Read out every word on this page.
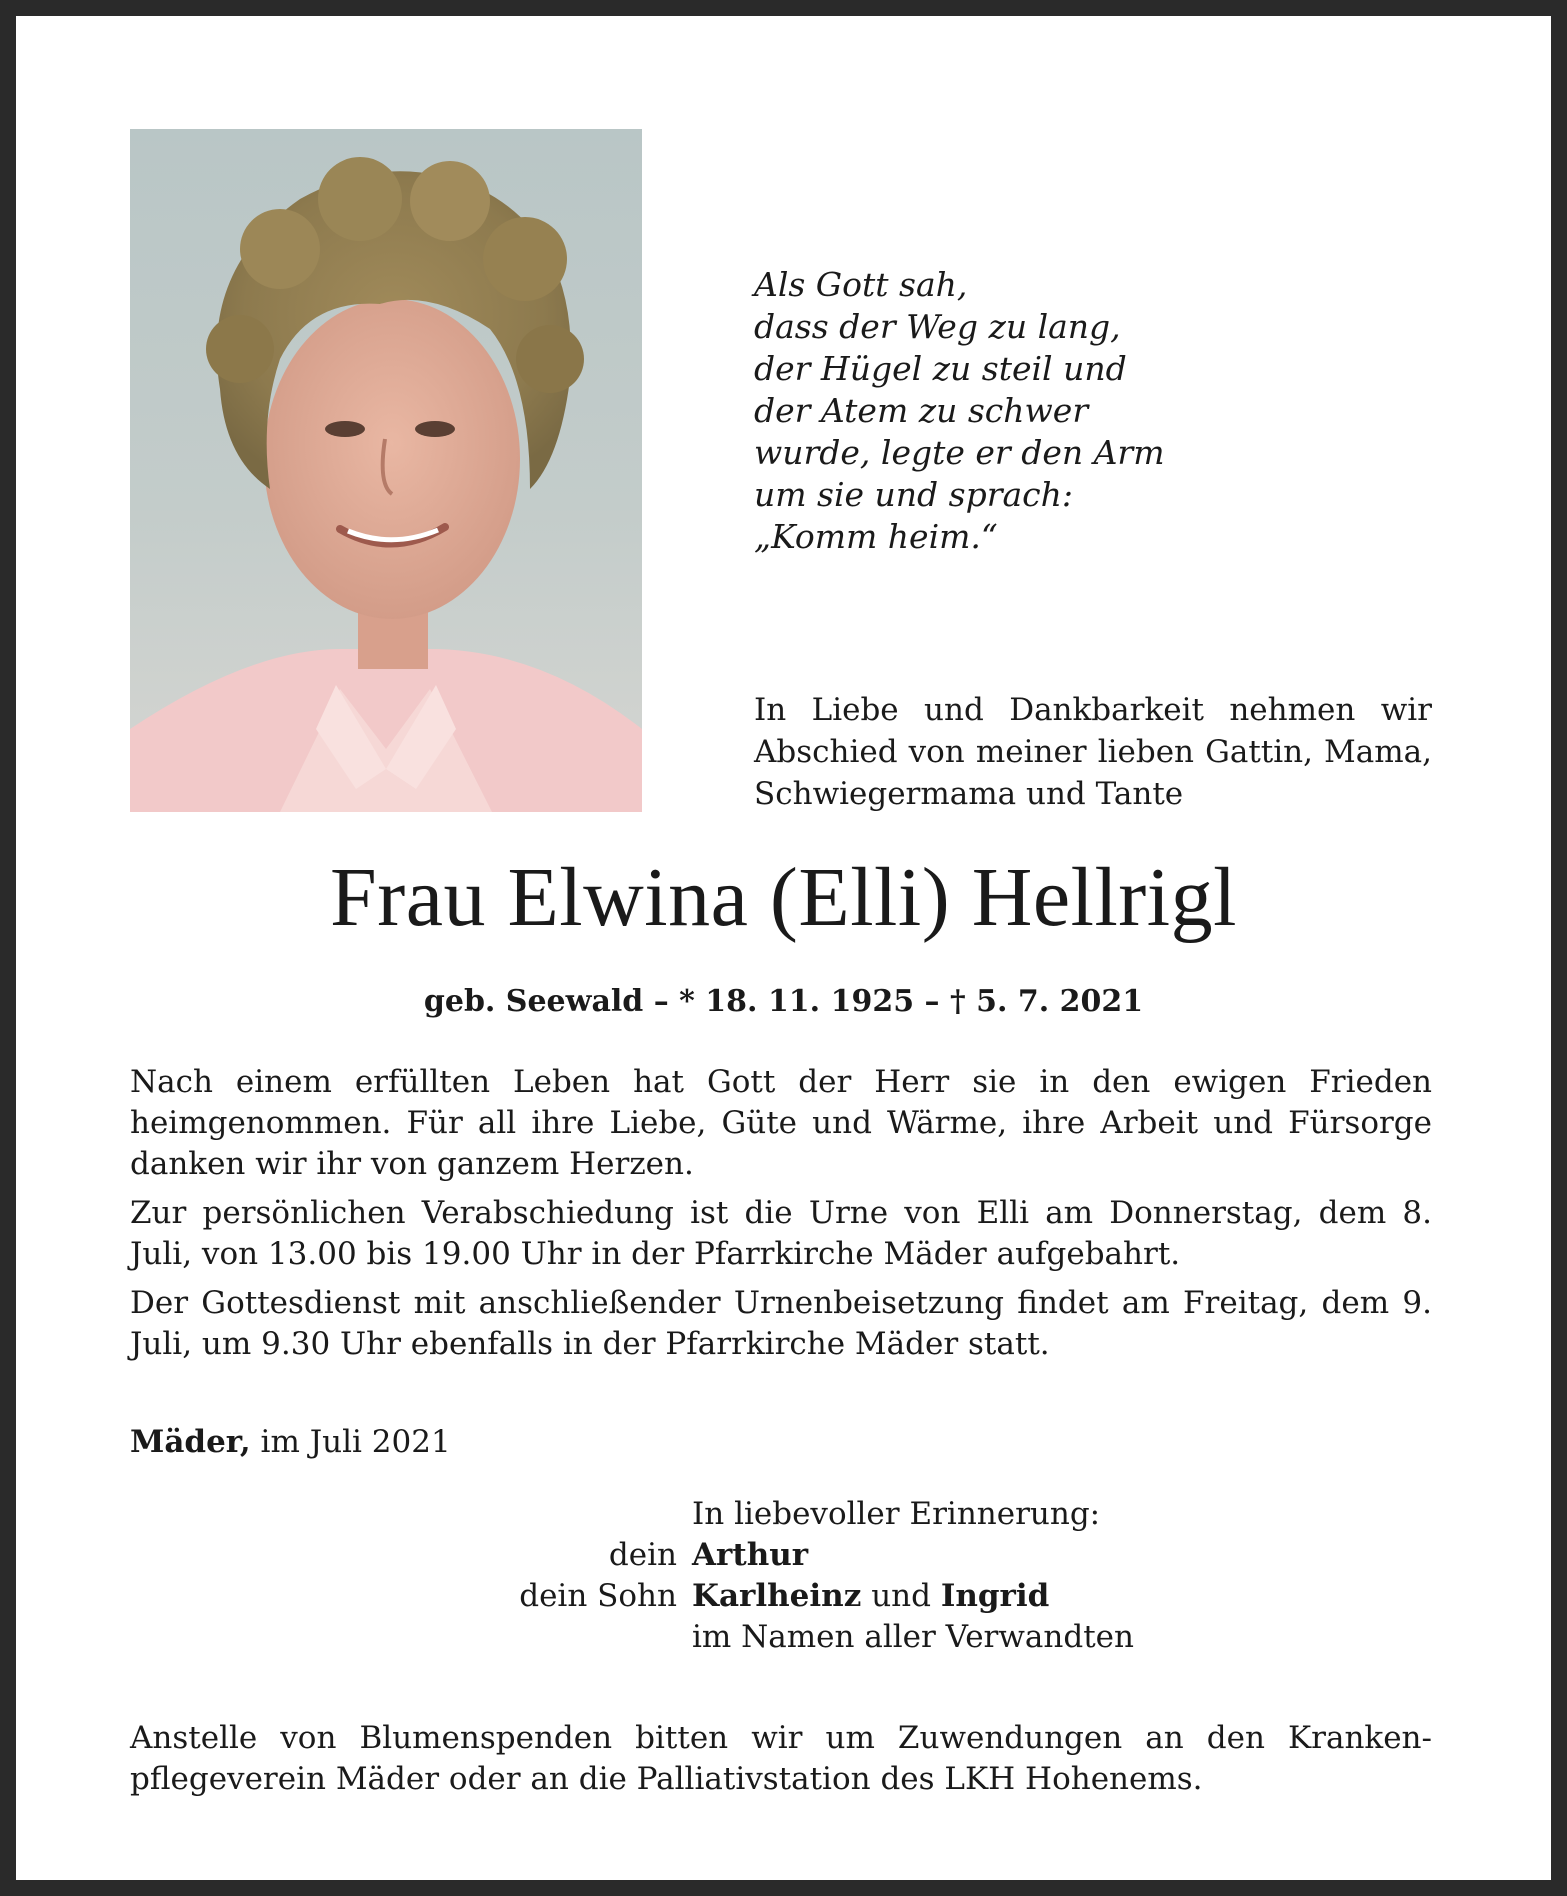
Als Gott sah,
dass der Weg zu lang,
der Hügel zu steil und
der Atem zu schwer
wurde, legte er den Arm
um sie und sprach:
„Komm heim.“
In Liebe und Dankbarkeit nehmen wir Abschied von meiner lieben Gattin, Mama, Schwiegermama und Tante
Frau Elwina (Elli) Hellrigl
geb. Seewald – * 18. 11. 1925 – † 5. 7. 2021

Nach einem erfüllten Leben hat Gott der Herr sie in den ewigen Frieden heimgenommen. Für all ihre Liebe, Güte und Wärme, ihre Arbeit und Fürsorge danken wir ihr von ganzem Herzen.

Zur persönlichen Verabschiedung ist die Urne von Elli am Donnerstag, dem 8. Juli, von 13.00 bis 19.00 Uhr in der Pfarrkirche Mäder aufgebahrt.

Der Gottesdienst mit anschließender Urnenbeisetzung findet am Freitag, dem 9. Juli, um 9.30 Uhr ebenfalls in der Pfarrkirche Mäder statt.

Mäder, im Juli 2021
In liebevoller Erinnerung:
dein Arthur
dein Sohn Karlheinz und Ingrid
im Namen aller Verwandten
Anstelle von Blumenspenden bitten wir um Zuwendungen an den Krankenpflegeverein Mäder oder an die Palliativstation des LKH Hohenems.
